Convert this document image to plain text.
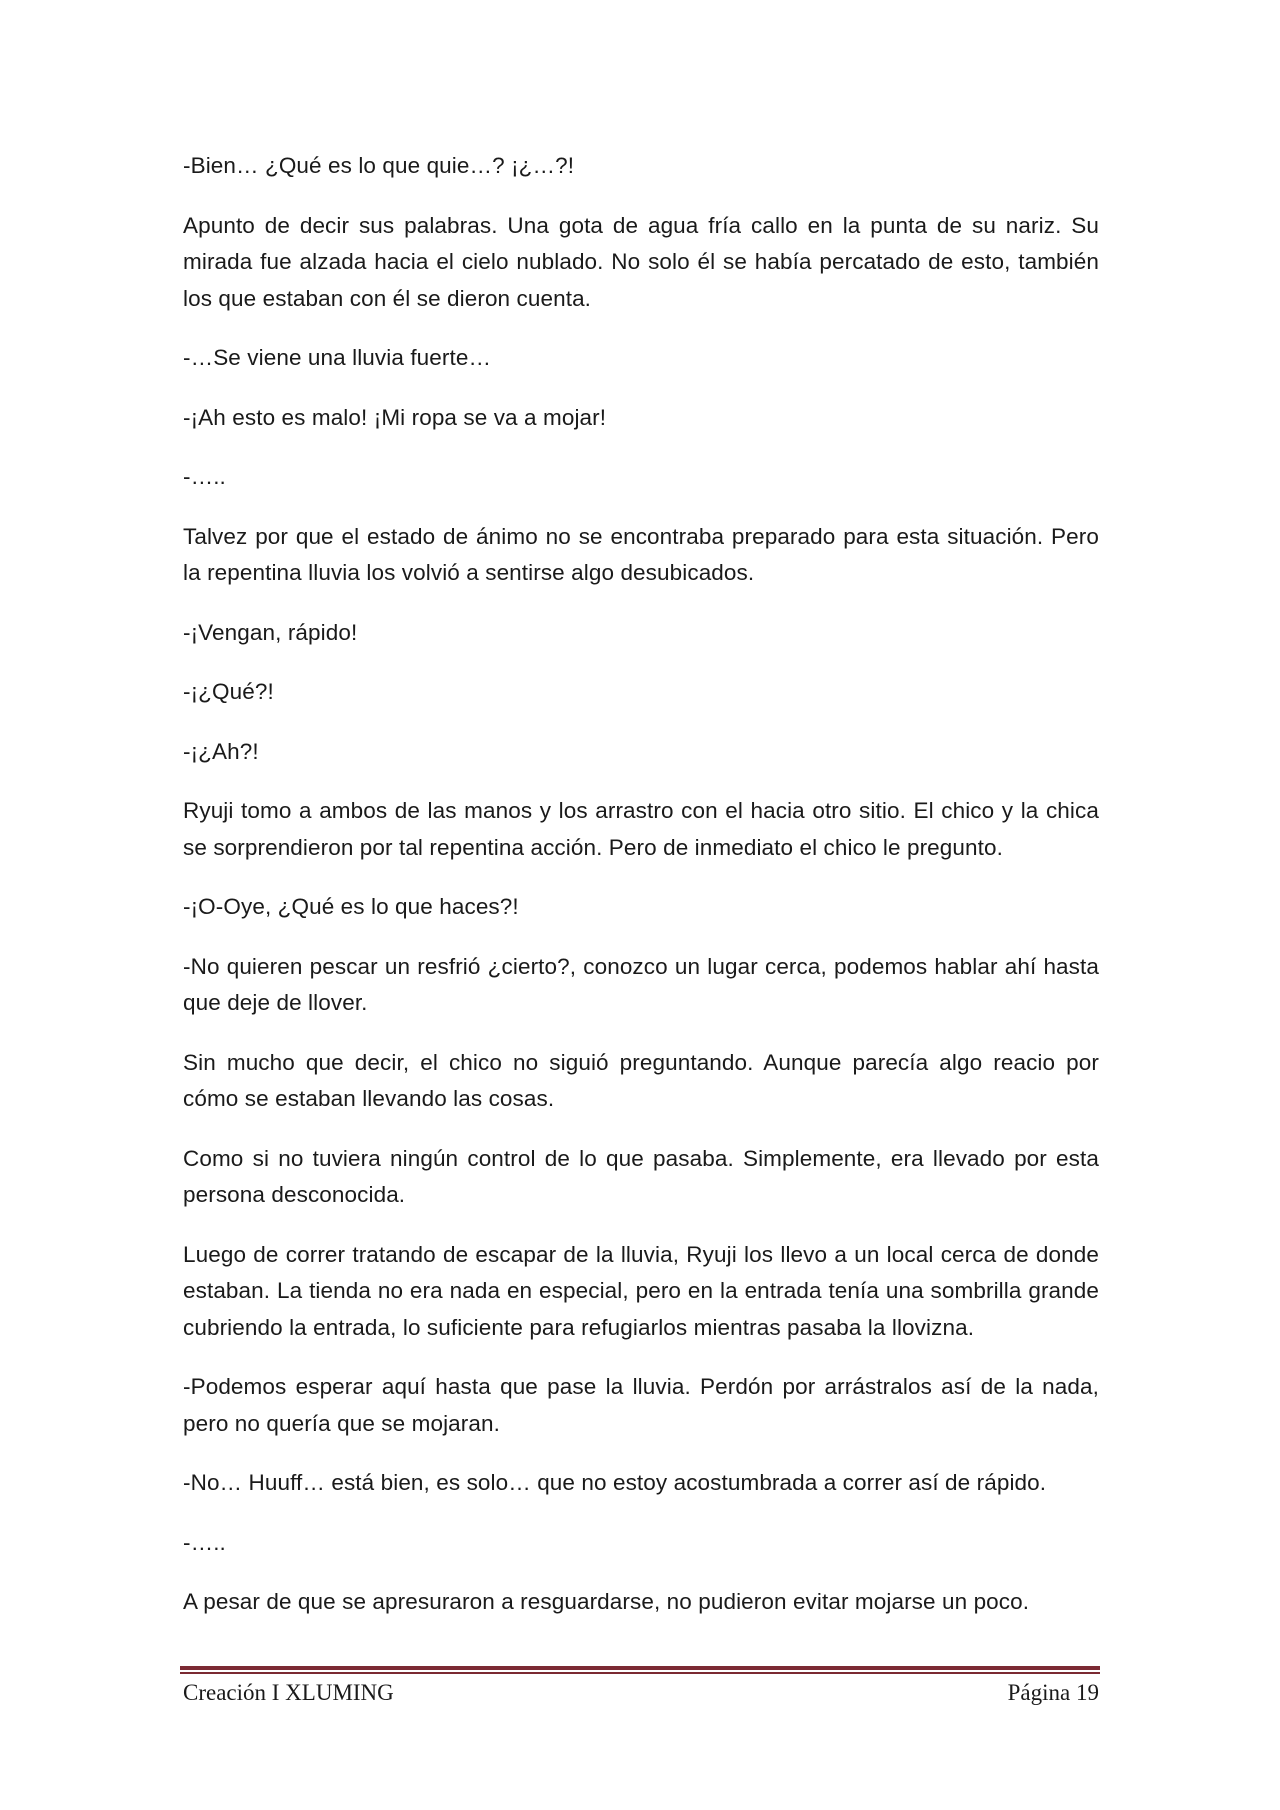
-Bien… ¿Qué es lo que quie…? ¡¿…?!

Apunto de decir sus palabras. Una gota de agua fría callo en la punta de su nariz. Su mirada fue alzada hacia el cielo nublado. No solo él se había percatado de esto, también los que estaban con él se dieron cuenta.

-…Se viene una lluvia fuerte…

-¡Ah esto es malo! ¡Mi ropa se va a mojar!

-…..

Talvez por que el estado de ánimo no se encontraba preparado para esta situación. Pero la repentina lluvia los volvió a sentirse algo desubicados.

-¡Vengan, rápido!

-¡¿Qué?!

-¡¿Ah?!

Ryuji tomo a ambos de las manos y los arrastro con el hacia otro sitio. El chico y la chica se sorprendieron por tal repentina acción. Pero de inmediato el chico le pregunto.

-¡O-Oye, ¿Qué es lo que haces?!

-No quieren pescar un resfrió ¿cierto?, conozco un lugar cerca, podemos hablar ahí hasta que deje de llover.

Sin mucho que decir, el chico no siguió preguntando. Aunque parecía algo reacio por cómo se estaban llevando las cosas.

Como si no tuviera ningún control de lo que pasaba. Simplemente, era llevado por esta persona desconocida.

Luego de correr tratando de escapar de la lluvia, Ryuji los llevo a un local cerca de donde estaban. La tienda no era nada en especial, pero en la entrada tenía una sombrilla grande cubriendo la entrada, lo suficiente para refugiarlos mientras pasaba la llovizna.

-Podemos esperar aquí hasta que pase la lluvia. Perdón por arrástralos así de la nada, pero no quería que se mojaran.

-No… Huuff… está bien, es solo… que no estoy acostumbrada a correr así de rápido.

-…..

A pesar de que se apresuraron a resguardarse, no pudieron evitar mojarse un poco.

Creación I XLUMING	Página 19
